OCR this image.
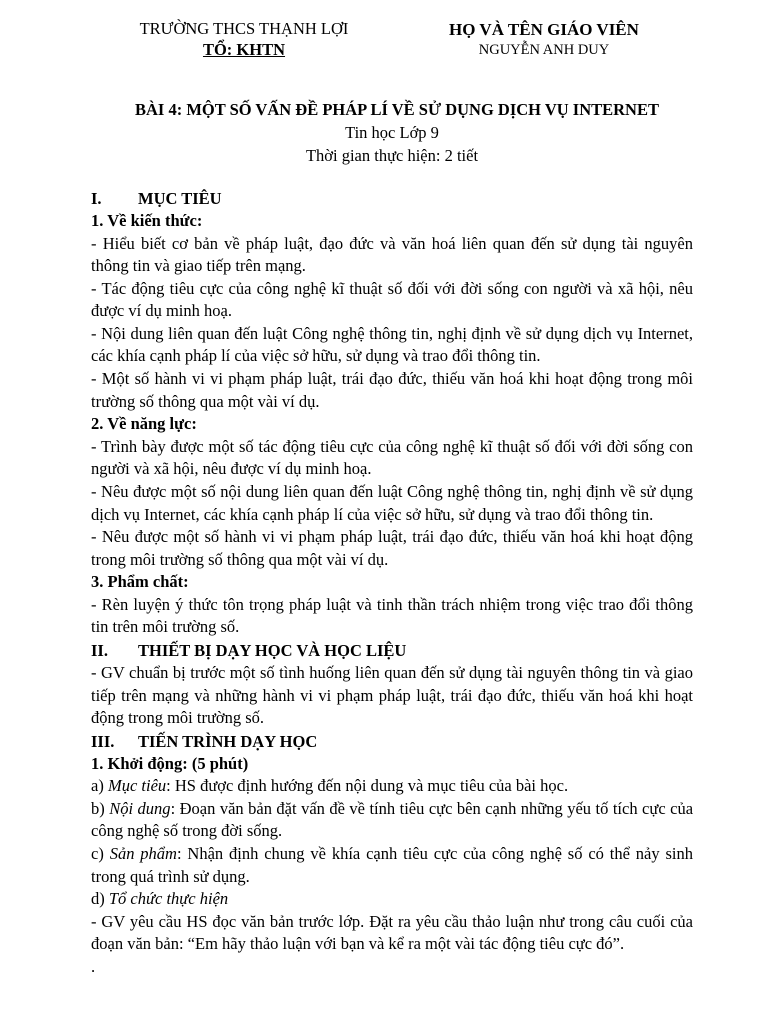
TRƯỜNG THCS THẠNH LỢI
TỔ: KHTN
HỌ VÀ TÊN GIÁO VIÊN
NGUYỄN ANH DUY
BÀI 4: MỘT SỐ VẤN ĐỀ PHÁP LÍ VỀ SỬ DỤNG DỊCH VỤ INTERNET
Tin học Lớp 9
Thời gian thực hiện: 2 tiết
I.	MỤC TIÊU
1. Về kiến thức:

- Hiểu biết cơ bản về pháp luật, đạo đức và văn hoá liên quan đến sử dụng tài nguyên thông tin và giao tiếp trên mạng.

- Tác động tiêu cực của công nghệ kĩ thuật số đối với đời sống con người và xã hội, nêu được ví dụ minh hoạ.

- Nội dung liên quan đến luật Công nghệ thông tin, nghị định về sử dụng dịch vụ Internet, các khía cạnh pháp lí của việc sở hữu, sử dụng và trao đổi thông tin.

- Một số hành vi vi phạm pháp luật, trái đạo đức, thiếu văn hoá khi hoạt động trong môi trường số thông qua một vài ví dụ.

2. Về năng lực:

- Trình bày được một số tác động tiêu cực của công nghệ kĩ thuật số đối với đời sống con người và xã hội, nêu được ví dụ minh hoạ.

- Nêu được một số nội dung liên quan đến luật Công nghệ thông tin, nghị định về sử dụng dịch vụ Internet, các khía cạnh pháp lí của việc sở hữu, sử dụng và trao đổi thông tin.

- Nêu được một số hành vi vi phạm pháp luật, trái đạo đức, thiếu văn hoá khi hoạt động trong môi trường số thông qua một vài ví dụ.

3. Phẩm chất:

- Rèn luyện ý thức tôn trọng pháp luật và tinh thần trách nhiệm trong việc trao đổi thông tin trên môi trường số.

II.	THIẾT BỊ DẠY HỌC VÀ HỌC LIỆU

- GV chuẩn bị trước một số tình huống liên quan đến sử dụng tài nguyên thông tin và giao tiếp trên mạng và những hành vi vi phạm pháp luật, trái đạo đức, thiếu văn hoá khi hoạt động trong môi trường số.

III.	TIẾN TRÌNH DẠY HỌC
1. Khởi động: (5 phút)

a) Mục tiêu: HS được định hướng đến nội dung và mục tiêu của bài học.

b) Nội dung: Đoạn văn bản đặt vấn đề về tính tiêu cực bên cạnh những yếu tố tích cực của công nghệ số trong đời sống.

c) Sản phẩm: Nhận định chung về khía cạnh tiêu cực của công nghệ số có thể nảy sinh trong quá trình sử dụng.

d) Tổ chức thực hiện

- GV yêu cầu HS đọc văn bản trước lớp. Đặt ra yêu cầu thảo luận như trong câu cuối của đoạn văn bản: “Em hãy thảo luận với bạn và kể ra một vài tác động tiêu cực đó”.

.
